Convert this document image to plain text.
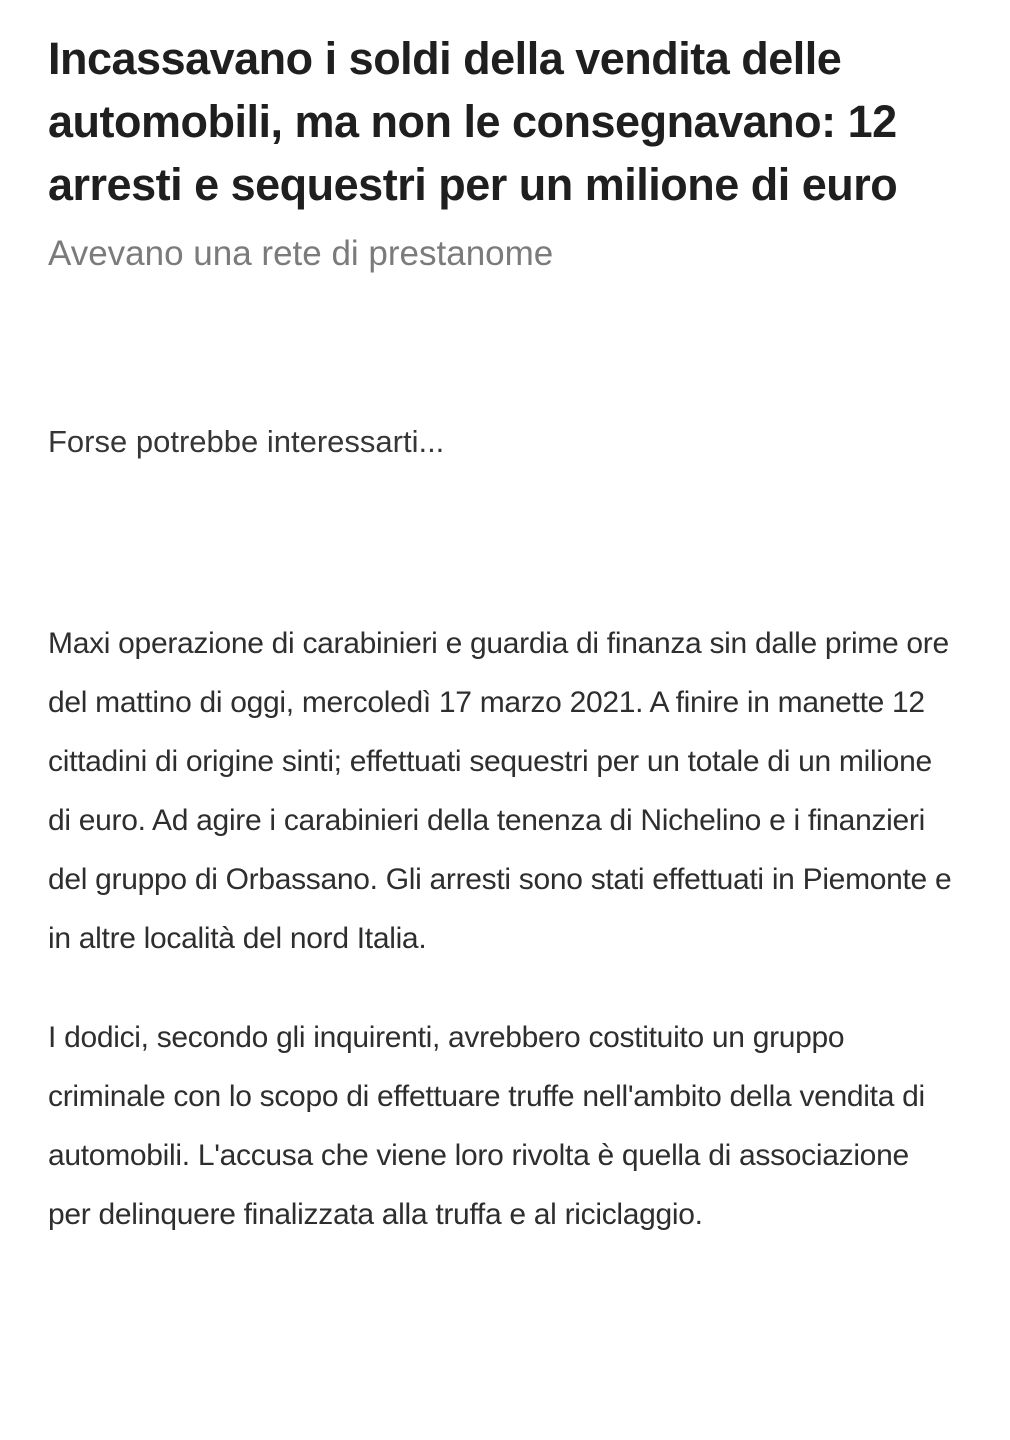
Incassavano i soldi della vendita delle automobili, ma non le consegnavano: 12 arresti e sequestri per un milione di euro

Avevano una rete di prestanome

Forse potrebbe interessarti...

Maxi operazione di carabinieri e guardia di finanza sin dalle prime ore del mattino di oggi, mercoledì 17 marzo 2021. A finire in manette 12 cittadini di origine sinti; effettuati sequestri per un totale di un milione di euro. Ad agire i carabinieri della tenenza di Nichelino e i finanzieri del gruppo di Orbassano. Gli arresti sono stati effettuati in Piemonte e in altre località del nord Italia.

I dodici, secondo gli inquirenti, avrebbero costituito un gruppo criminale con lo scopo di effettuare truffe nell'ambito della vendita di automobili. L'accusa che viene loro rivolta è quella di associazione per delinquere finalizzata alla truffa e al riciclaggio.
